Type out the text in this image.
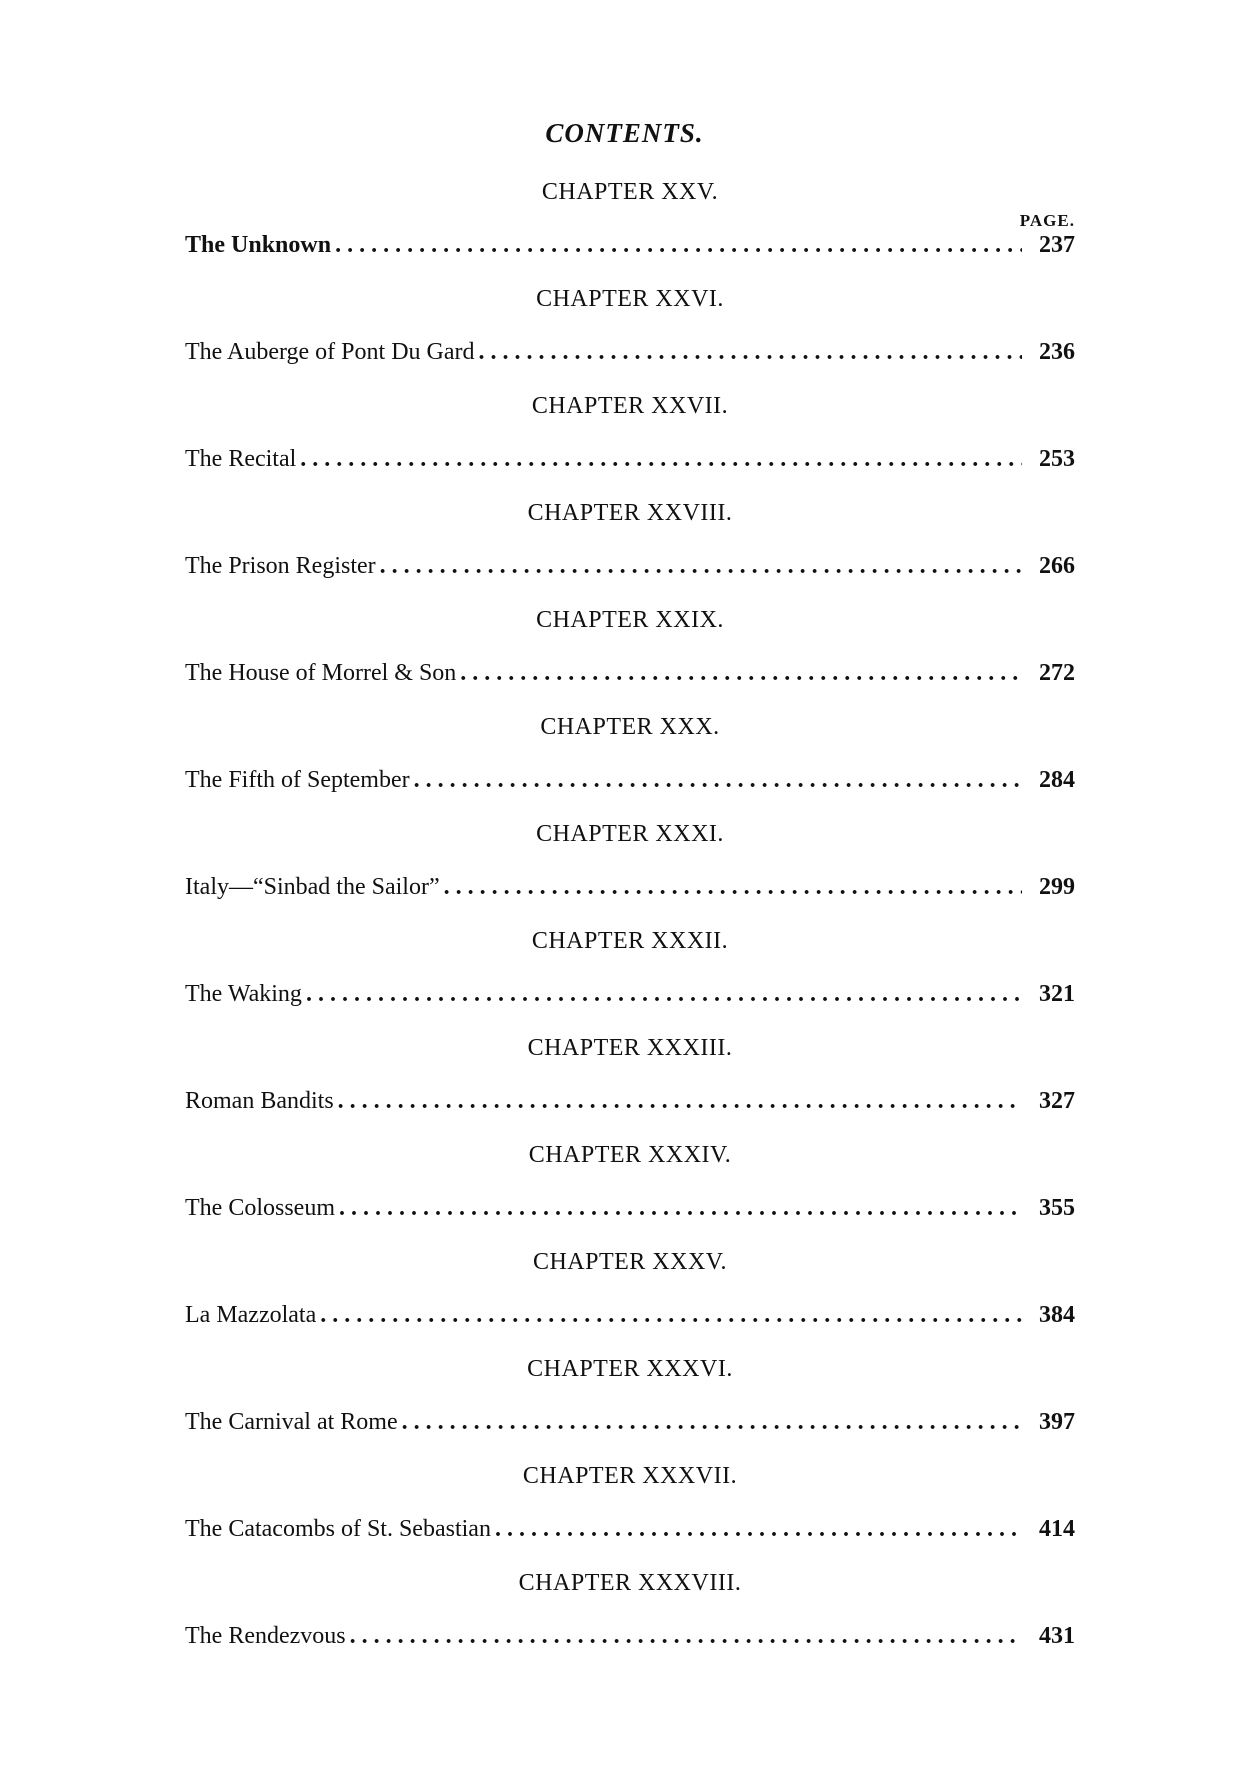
CONTENTS.
PAGE.
CHAPTER XXV.
The Unknown . . .	237
CHAPTER XXVI.
The Auberge of Pont Du Gard . . .	236
CHAPTER XXVII.
The Recital . . .	253
CHAPTER XXVIII.
The Prison Register . . .	266
CHAPTER XXIX.
The House of Morrel & Son . . .	272
CHAPTER XXX.
The Fifth of September . . .	284
CHAPTER XXXI.
Italy—“Sinbad the Sailor” . . .	299
CHAPTER XXXII.
The Waking . . .	321
CHAPTER XXXIII.
Roman Bandits . . .	327
CHAPTER XXXIV.
The Colosseum . . .	355
CHAPTER XXXV.
La Mazzolata . . .	384
CHAPTER XXXVI.
The Carnival at Rome . . .	397
CHAPTER XXXVII.
The Catacombs of St. Sebastian . . .	414
CHAPTER XXXVIII.
The Rendezvous . . .	431
